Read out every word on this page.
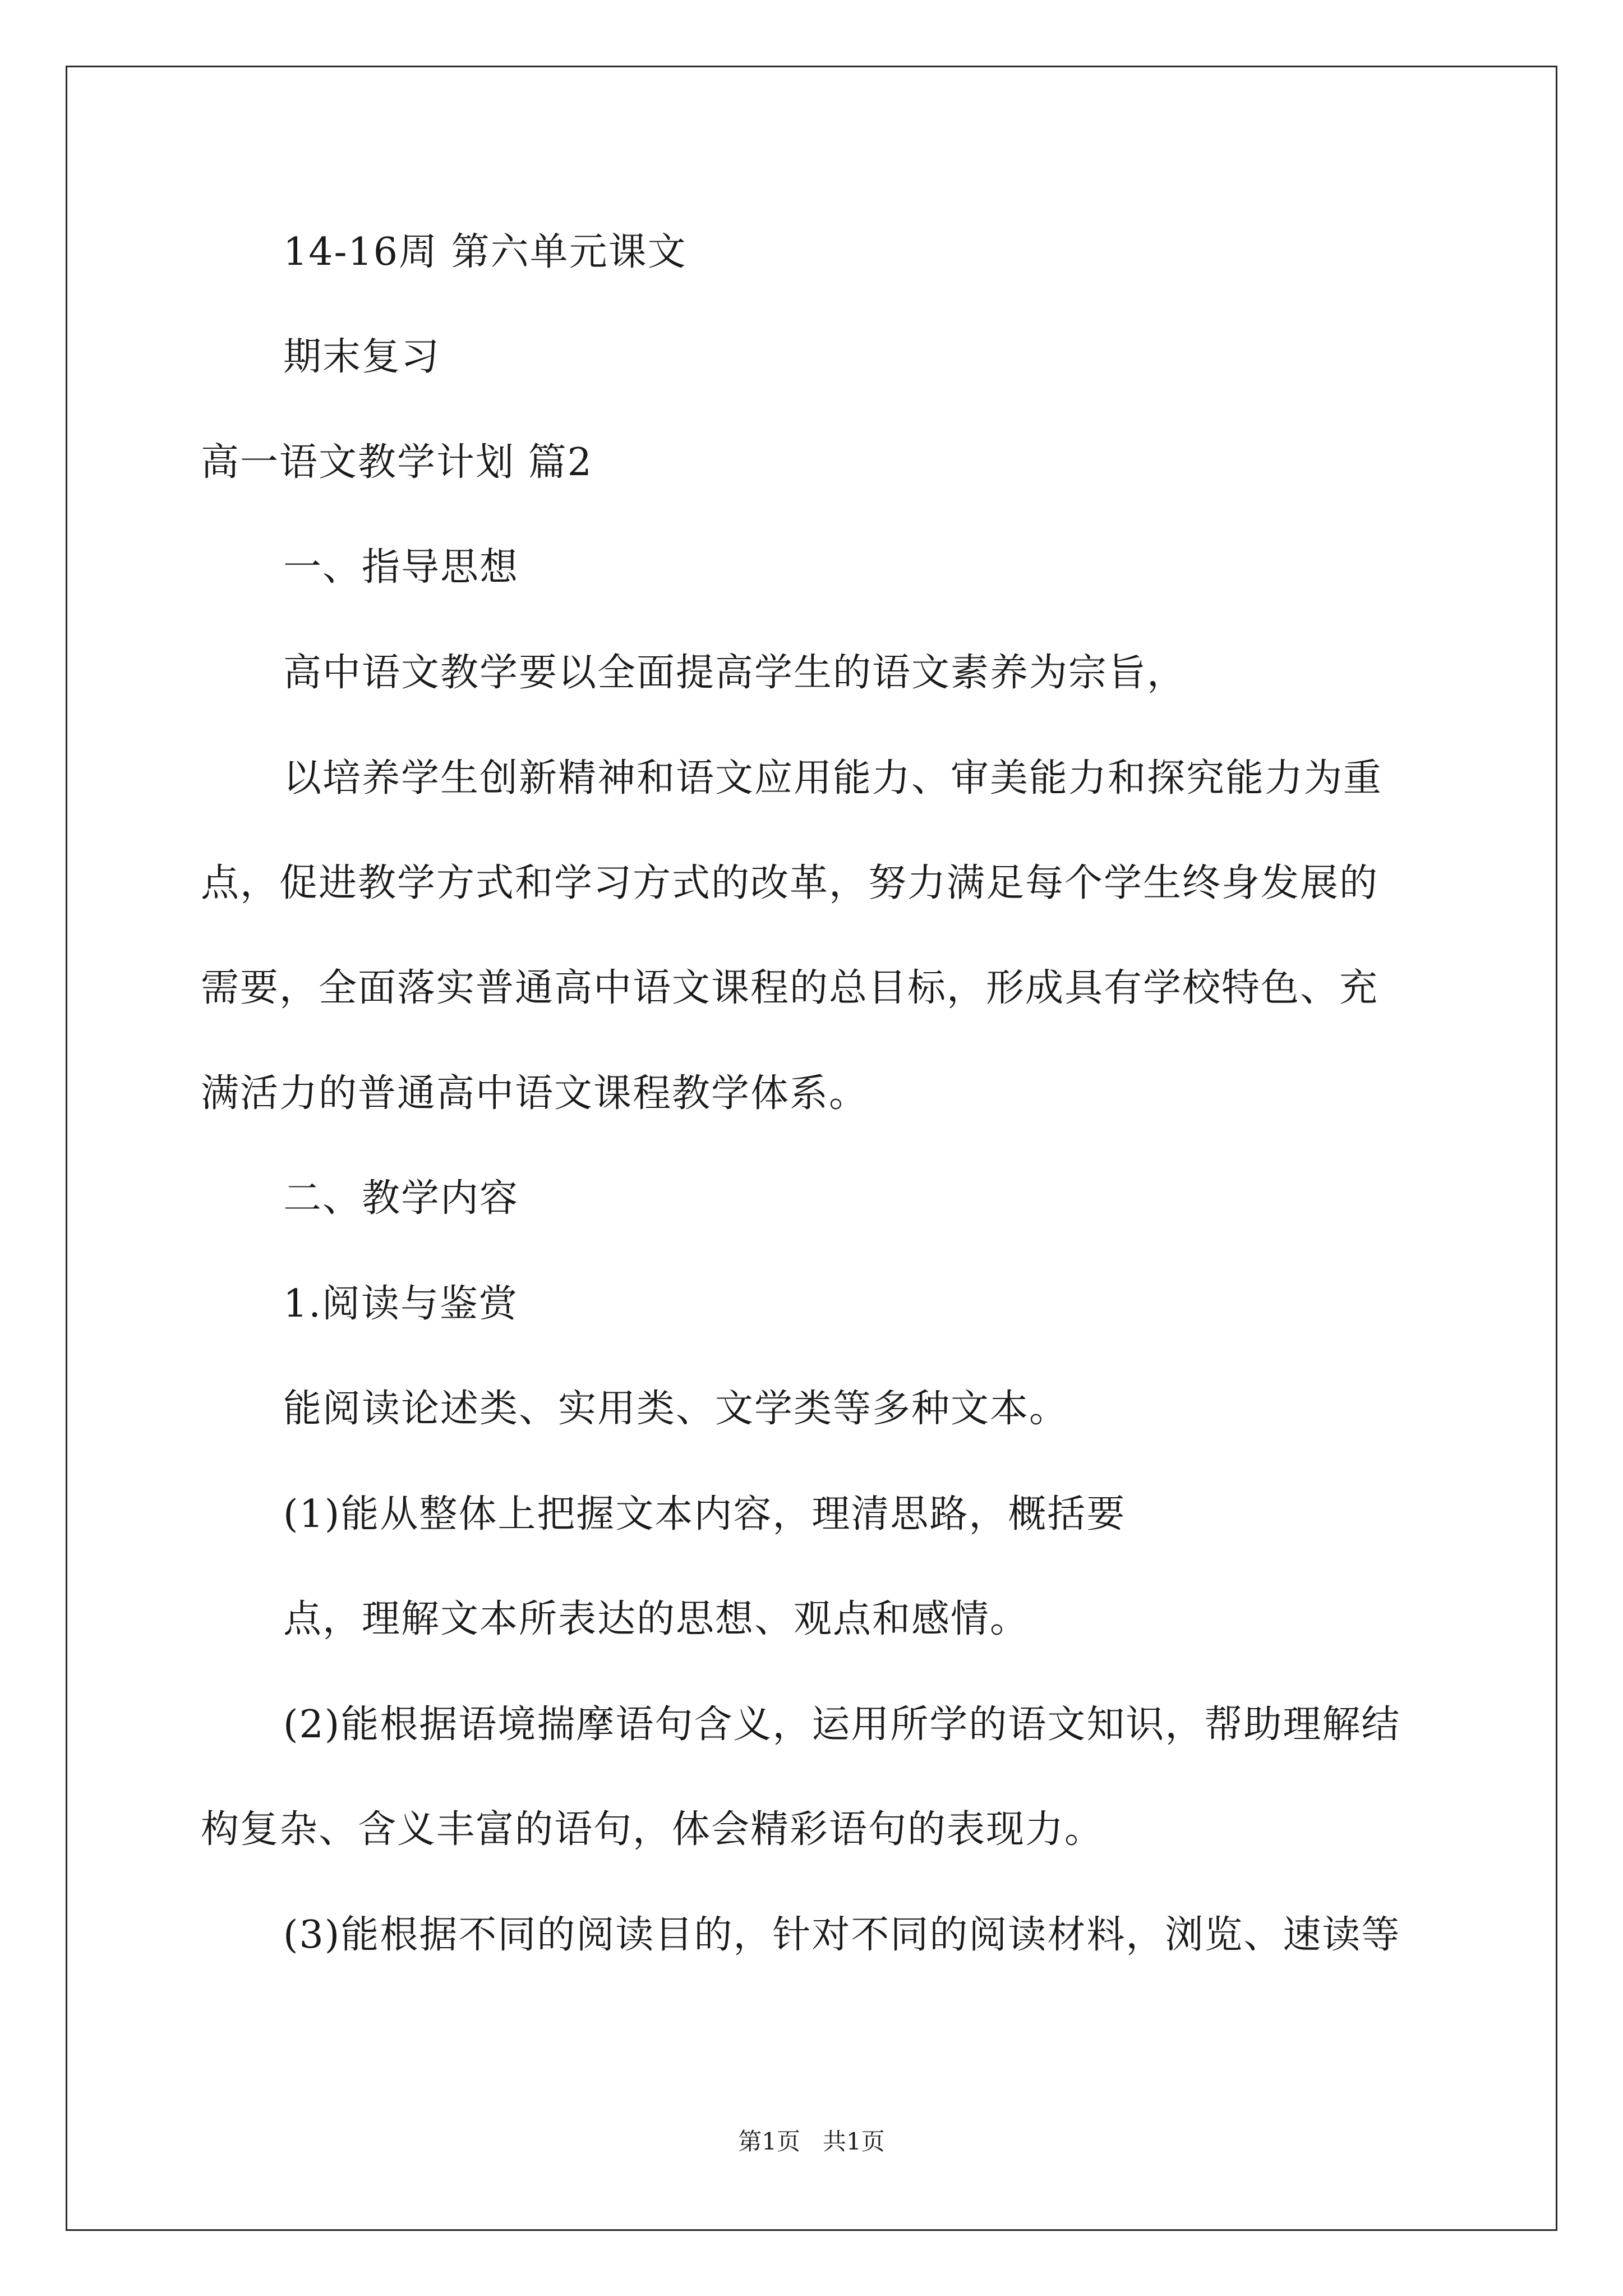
14-16周 第六单元课文
期末复习
高一语文教学计划 篇2
一、指导思想
高中语文教学要以全面提高学生的语文素养为宗旨，
以培养学生创新精神和语文应用能力、审美能力和探究能力为重
点，促进教学方式和学习方式的改革，努力满足每个学生终身发展的
需要，全面落实普通高中语文课程的总目标，形成具有学校特色、充
满活力的普通高中语文课程教学体系。
二、教学内容
1.阅读与鉴赏
能阅读论述类、实用类、文学类等多种文本。
(1)能从整体上把握文本内容，理清思路，概括要
点，理解文本所表达的思想、观点和感情。
(2)能根据语境揣摩语句含义，运用所学的语文知识，帮助理解结
构复杂、含义丰富的语句，体会精彩语句的表现力。
(3)能根据不同的阅读目的，针对不同的阅读材料，浏览、速读等
第1页   共1页
